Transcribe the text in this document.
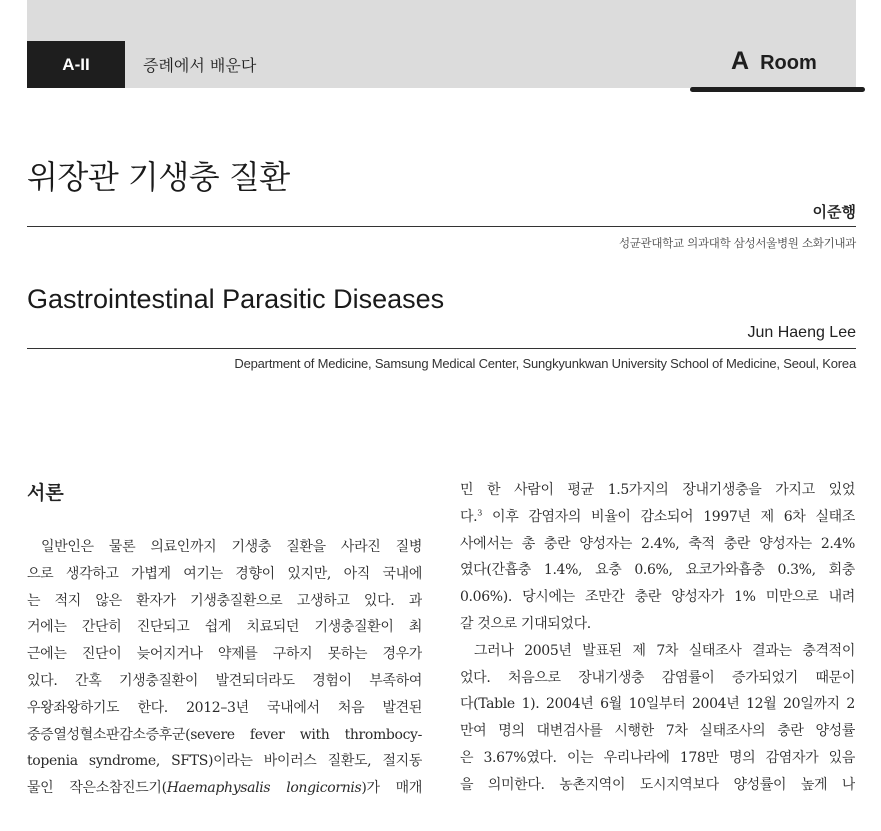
A-II	증례에서 배운다	A Room
위장관 기생충 질환
이준행
성균관대학교 의과대학 삼성서울병원 소화기내과
Gastrointestinal Parasitic Diseases
Jun Haeng Lee
Department of Medicine, Samsung Medical Center, Sungkyunkwan University School of Medicine, Seoul, Korea
서론
일반인은 물론 의료인까지 기생충 질환을 사라진 질병
으로 생각하고 가볍게 여기는 경향이 있지만, 아직 국내에
는 적지 않은 환자가 기생충질환으로 고생하고 있다. 과
거에는 간단히 진단되고 쉽게 치료되던 기생충질환이 최
근에는 진단이 늦어지거나 약제를 구하지 못하는 경우가
있다. 간혹 기생충질환이 발견되더라도 경험이 부족하여
우왕좌왕하기도 한다. 2012–3년 국내에서 처음 발견된
중증열성혈소판감소증후군(severe fever with thrombocy-
topenia syndrome, SFTS)이라는 바이러스 질환도, 절지동
물인 작은소참진드기(Haemaphysalis longicornis)가 매개
민 한 사람이 평균 1.5가지의 장내기생충을 가지고 있었
다.$^3$ 이후 감염자의 비율이 감소되어 1997년 제 6차 실태조
사에서는 총 충란 양성자는 2.4%, 축적 충란 양성자는 2.4%
였다(간흡충 1.4%, 요충 0.6%, 요코가와흡충 0.3%, 회충
0.06%). 당시에는 조만간 충란 양성자가 1% 미만으로 내려
갈 것으로 기대되었다.
그러나 2005년 발표된 제 7차 실태조사 결과는 충격적이
었다. 처음으로 장내기생충 감염률이 증가되었기 때문이
다(Table 1). 2004년 6월 10일부터 2004년 12월 20일까지 2
만여 명의 대변검사를 시행한 7차 실태조사의 충란 양성률
은 3.67%였다. 이는 우리나라에 178만 명의 감염자가 있음
을 의미한다. 농촌지역이 도시지역보다 양성률이 높게 나
